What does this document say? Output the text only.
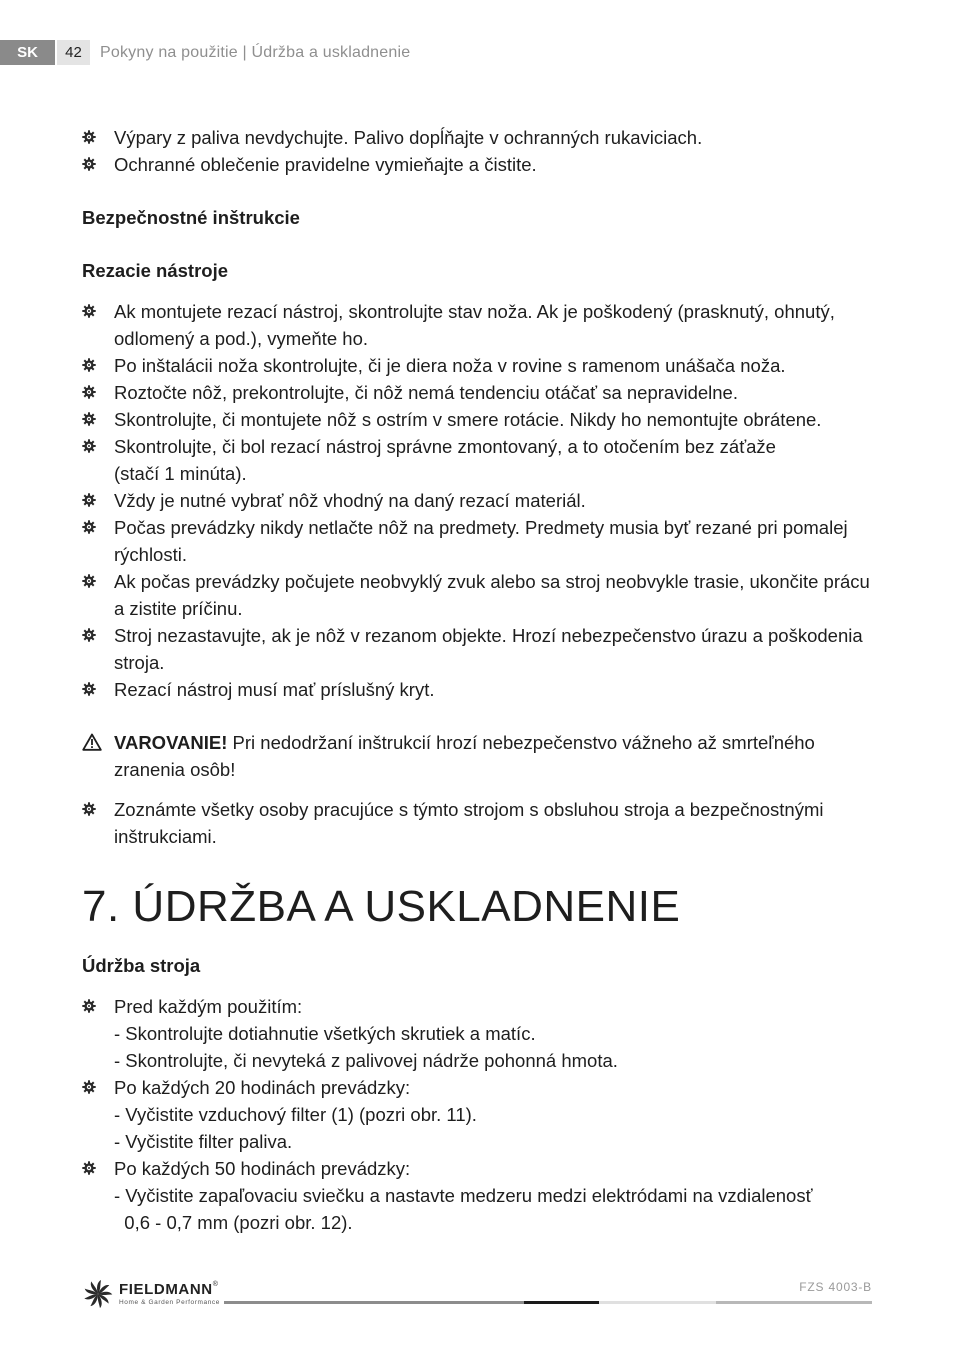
SK	42	Pokyny na použitie | Údržba a uskladnenie
Výpary z paliva nevdychujte. Palivo dopĺňajte v ochranných rukaviciach.
Ochranné oblečenie pravidelne vymieňajte a čistite.
Bezpečnostné inštrukcie
Rezacie nástroje
Ak montujete rezací nástroj, skontrolujte stav noža. Ak je poškodený (prasknutý, ohnutý,
odlomený a pod.), vymeňte ho.
Po inštalácii noža skontrolujte, či je diera noža v rovine s ramenom unášača noža.
Roztočte nôž, prekontrolujte, či nôž nemá tendenciu otáčať sa nepravidelne.
Skontrolujte, či montujete nôž s ostrím v smere rotácie. Nikdy ho nemontujte obrátene.
Skontrolujte, či bol rezací nástroj správne zmontovaný, a to otočením bez záťaže
(stačí 1 minúta).
Vždy je nutné vybrať nôž vhodný na daný rezací materiál.
Počas prevádzky nikdy netlačte nôž na predmety. Predmety musia byť rezané pri pomalej
rýchlosti.
Ak počas prevádzky počujete neobvyklý zvuk alebo sa stroj neobvykle trasie, ukončite prácu
a zistite príčinu.
Stroj nezastavujte, ak je nôž v rezanom objekte. Hrozí nebezpečenstvo úrazu a poškodenia
stroja.
Rezací nástroj musí mať príslušný kryt.
VAROVANIE! Pri nedodržaní inštrukcií hrozí nebezpečenstvo vážneho až smrteľného
zranenia osôb!
Zoznámte všetky osoby pracujúce s týmto strojom s obsluhou stroja a bezpečnostnými
inštrukciami.
7. ÚDRŽBA A USKLADNENIE
Údržba stroja
Pred každým použitím:
- Skontrolujte dotiahnutie všetkých skrutiek a matíc.
- Skontrolujte, či nevyteká z palivovej nádrže pohonná hmota.
Po každých 20 hodinách prevádzky:
- Vyčistite vzduchový filter (1) (pozri obr. 11).
- Vyčistite filter paliva.
Po každých 50 hodinách prevádzky:
- Vyčistite zapaľovaciu sviečku a nastavte medzeru medzi elektródami na vzdialenosť
0,6 - 0,7 mm (pozri obr. 12).
FIELDMANN®
Home & Garden Performance
FZS 4003-B
